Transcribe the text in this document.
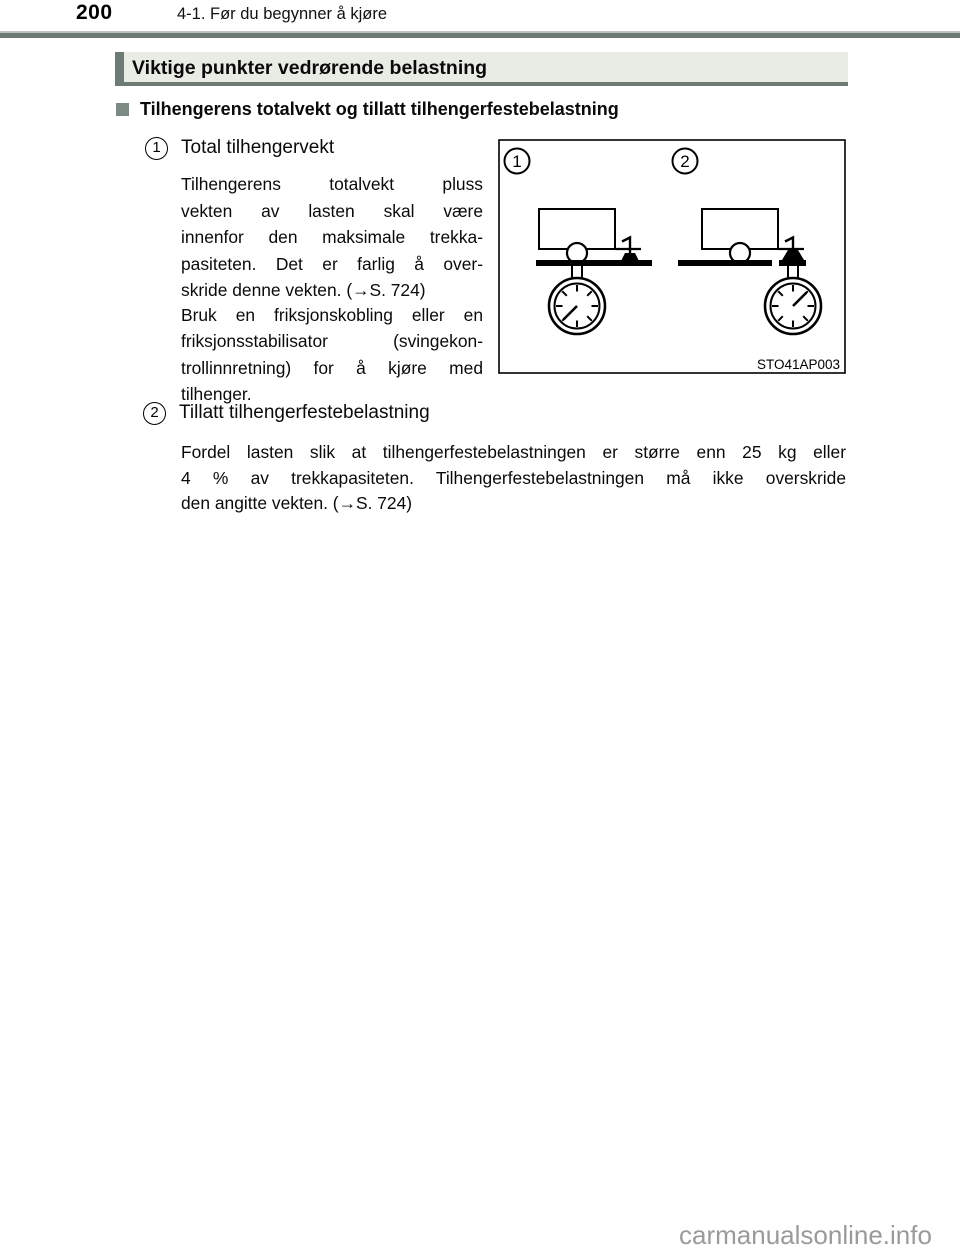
200	4-1. Før du begynner å kjøre
Viktige punkter vedrørende belastning
Tilhengerens totalvekt og tillatt tilhengerfestebelastning
1	Total tilhengervekt
Tilhengerens totalvekt pluss
vekten av lasten skal være
innenfor den maksimale trekka-
pasiteten. Det er farlig å over-
skride denne vekten. (→S. 724)
Bruk en friksjonskobling eller en
friksjonsstabilisator (svingekon-
trollinnretning) for å kjøre med
tilhenger.
2	Tillatt tilhengerfestebelastning
Fordel lasten slik at tilhengerfestebelastningen er større enn 25 kg eller
4 % av trekkapasiteten. Tilhengerfestebelastningen må ikke overskride
den angitte vekten. (→S. 724)
1	2
STO41AP003
carmanualsonline.info
